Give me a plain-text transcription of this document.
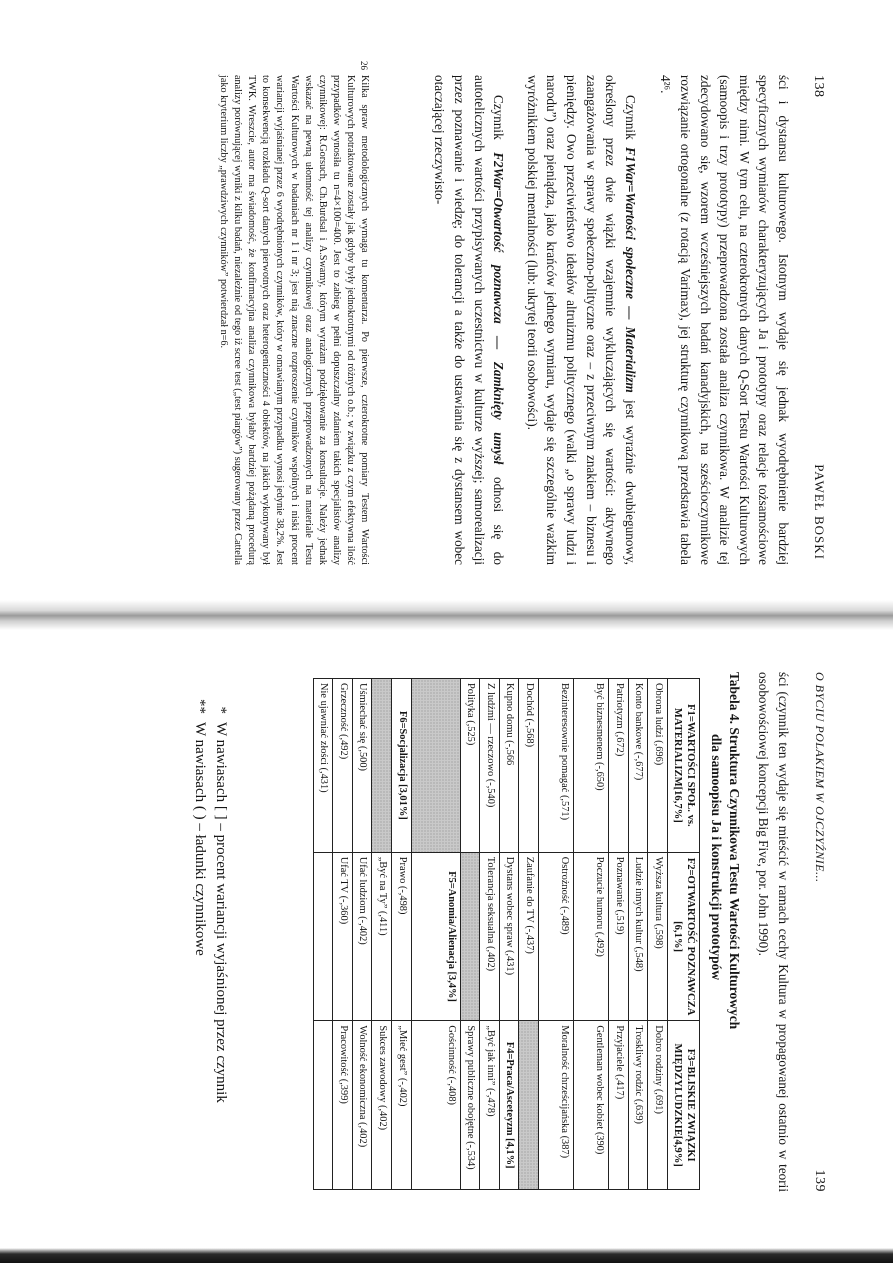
138
PAWEŁ BOSKI

ści i dystansu kulturowego. Istotnym wydaje się jednak wyodrębnienie bardziej specyficznych wymiarów charakteryzujących Ja i prototypy oraz relacje tożsamościowe między nimi. W tym celu, na czterokrotnych danych Q-Sort Testu Wartości Kulturowych (samoopis i trzy prototypy) przeprowadzona została analiza czynnikowa. W analizie tej zdecydowano się, wzorem wcześniejszych badań kanadyjskich, na sześcioczynnikowe rozwiązanie ortogonalne (z rotacją Varimax), jej strukturę czynnikową przedstawia tabela 4²⁶.

Czynnik F1War=Wartości społeczne — Materializm jest wyraźnie dwubiegunowy, określony przez dwie wiązki wzajemnie wykluczających się wartości: aktywnego zaangażowania w sprawy społeczno-polityczne oraz – z przeciwnym znakiem – biznesu i pieniędzy. Owo przeciwieństwo ideałów altruizmu politycznego (walki „o sprawy ludzi i narodu”) oraz pieniądza, jako krańców jednego wymiaru, wydaje się szczególnie ważkim wyróżnikiem polskiej mentalności (lub: ukrytej teorii osobowości).

Czynnik F2War=Otwartość poznawcza — Zamknięty umysł odnosi się do autotelicznych wartości przypisywanych uczestnictwu w kulturze wyższej; samorealizacji przez poznawanie i wiedzę; do tolerancji a także do ustawiania się z dystansem wobec otaczającej rzeczywisto-

26
Kilka spraw metodologicznych wymaga tu komentarza. Po pierwsze, czterokrotne pomiary Testem Wartości Kulturowych potraktowane zostały jak gdyby były jednokrotnymi od różnych o.b.; w związku z czym efektywna ilość przypadków wynosiła tu n=4×100=400. Jest to zabieg w pełni dopuszczalny zdaniem takich specjalistów analizy czynnikowej: R.Gorsuch, Ch.Burdsal i A.Swamy, którym wyrażam podziękowanie za konsultacje. Należy jednak wskazać na pewną ułomność tej analizy czynnikowej oraz analogicznych przeprowadzonych na materiale Testu Wartości Kulturowych w badaniach nr 1 i nr 3; jest nią znaczne rozproszenie czynników wspólnych i niski procent wariancji wyjaśnianej przez 6 wyodrębnionych czynników, który w omawianym przypadku wynosi jedynie 38,2%. Jest to konsekwencją rozkładu Q-sort danych pierwotnych oraz heterogeniczności 4 obiektów, na jakich wykonywany był TWK. Wreszcie, autor ma świadomość, że konfirmacyjna analiza czynnikowa byłaby bardziej pożądaną procedurą analizy porównującej wyniki z kilku badań, niezależnie od tego iż scree test („test piargów”) sugerowany przez Cattella jako kryterium liczby „prawdziwych czynników” potwierdzał n=6.
O BYCIU POLAKIEM W OJCZYŹNIE...
139
ści (czynnik ten wydaje się mieścić w ramach cechy Kultura w propagowanej ostatnio w teorii osobowościowej koncepcji Big Five, por. John 1990).
Tabela 4. Struktura Czynnikowa Testu Wartości Kulturowych
dla samoopisu Ja i konstrukcji prototypów
F1=WARTOŚCI SPOŁ. vs. MATERIALIZM[16,7%]	F2=OTWARTOŚĆ POZNAWCZA [6,1%]	F3=BLISKIE ZWIĄZKI MIĘDZYLUDZKIE[4,9%]
Obrona ludzi (,696)	Wyższa kultura (,598)	Dobro rodziny (,691)
Konto bankowe (-,677)	Ludzie innych kultur (,548)	Troskliwy rodzic (,639)
Patriotyzm (,672)	Poznawanie (,519)	Przyjaciele (,417)
Być biznesmenem (-,650)	Poczucie humoru (,492)	Gentleman wobec kobiet (390)
Bezinteresownie pomagać (,571)	Ostrożność (-,489)	Moralność chrześcijańska (387)
Dochód (-,568)	Zaufanie do TV (-,437)	
Kupno domu (-,566	Dystans wobec spraw (,431)	F4=Praca/Asceteyzm [4,1%]
Z ludźmi — rzeczowo (-,540)	Tolerancja seksualna (,402)	„Być jak inni” (-,478)
Polityka (,525)		Sprawy publiczne obojętne (-,534)
	F5=Anomia/Alienacja [3,4%]	Gościnność (-,408)
F6=Socjalizacja [3,01%]	Prawo (-,498)	„Mieć gest” (-,402)
	„Być na Ty” (,411)	Sukces zawodowy (,402)
Uśmiechać się (,500)	Ufać ludziom (-,402)	Wolność ekonomiczna (,402)
Grzeczność (,492)	Ufać TV (-,360)	Pracowitość (,399)
Nie ujawniać złości (,431)		
*
W nawiasach [ ] – procent wariancji wyjaśnionej przez czynnik
**
W nawiasach ( ) – ładunki czynnikowe
